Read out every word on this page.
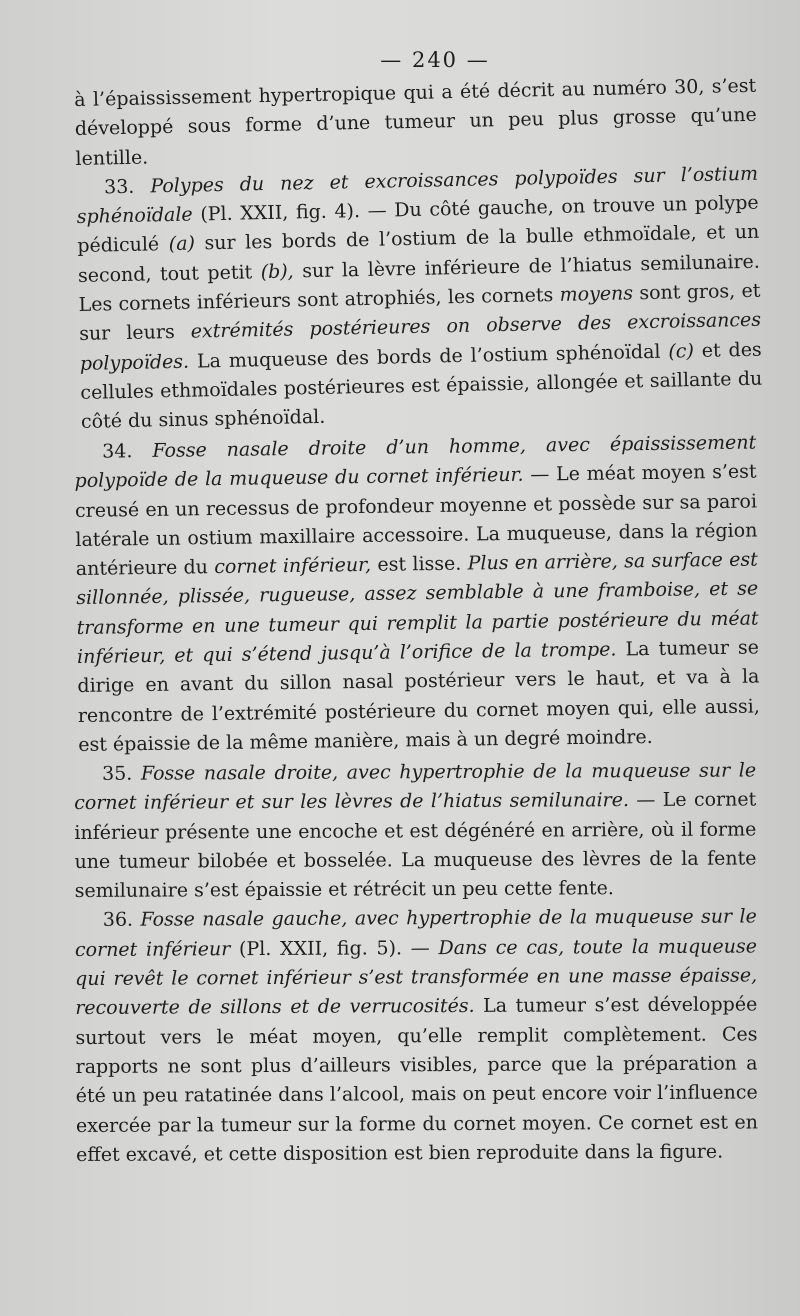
— 240 —

à l’épaississement hypertropique qui a été décrit au numéro 30, s’est développé sous forme d’une tumeur un peu plus grosse qu’une lentille.

33. Polypes du nez et excroissances polypoïdes sur l’ostium sphénoïdale (Pl. XXII, fig. 4). — Du côté gauche, on trouve un polype pédiculé (a) sur les bords de l’ostium de la bulle ethmoïdale, et un second, tout petit (b), sur la lèvre inférieure de l’hiatus semilunaire. Les cornets inférieurs sont atrophiés, les cornets moyens sont gros, et sur leurs extrémités postérieures on observe des excroissances polypoïdes. La muqueuse des bords de l’ostium sphénoïdal (c) et des cellules ethmoïdales postérieures est épaissie, allongée et saillante du côté du sinus sphénoïdal.

34. Fosse nasale droite d’un homme, avec épaississement polypoïde de la muqueuse du cornet inférieur. — Le méat moyen s’est creusé en un recessus de profondeur moyenne et possède sur sa paroi latérale un ostium maxillaire accessoire. La muqueuse, dans la région antérieure du cornet inférieur, est lisse. Plus en arrière, sa surface est sillonnée, plissée, rugueuse, assez semblable à une framboise, et se transforme en une tumeur qui remplit la partie postérieure du méat inférieur, et qui s’étend jusqu’à l’orifice de la trompe. La tumeur se dirige en avant du sillon nasal postérieur vers le haut, et va à la rencontre de l’extrémité postérieure du cornet moyen qui, elle aussi, est épaissie de la même manière, mais à un degré moindre.

35. Fosse nasale droite, avec hypertrophie de la muqueuse sur le cornet inférieur et sur les lèvres de l’hiatus semilunaire. — Le cornet inférieur présente une encoche et est dégénéré en arrière, où il forme une tumeur bilobée et bosselée. La muqueuse des lèvres de la fente semilunaire s’est épaissie et rétrécit un peu cette fente.

36. Fosse nasale gauche, avec hypertrophie de la muqueuse sur le cornet inférieur (Pl. XXII, fig. 5). — Dans ce cas, toute la muqueuse qui revêt le cornet inférieur s’est transformée en une masse épaisse, recouverte de sillons et de verrucosités. La tumeur s’est développée surtout vers le méat moyen, qu’elle remplit complètement. Ces rapports ne sont plus d’ailleurs visibles, parce que la préparation a été un peu ratatinée dans l’alcool, mais on peut encore voir l’influence exercée par la tumeur sur la forme du cornet moyen. Ce cornet est en effet excavé, et cette disposition est bien reproduite dans la figure.
